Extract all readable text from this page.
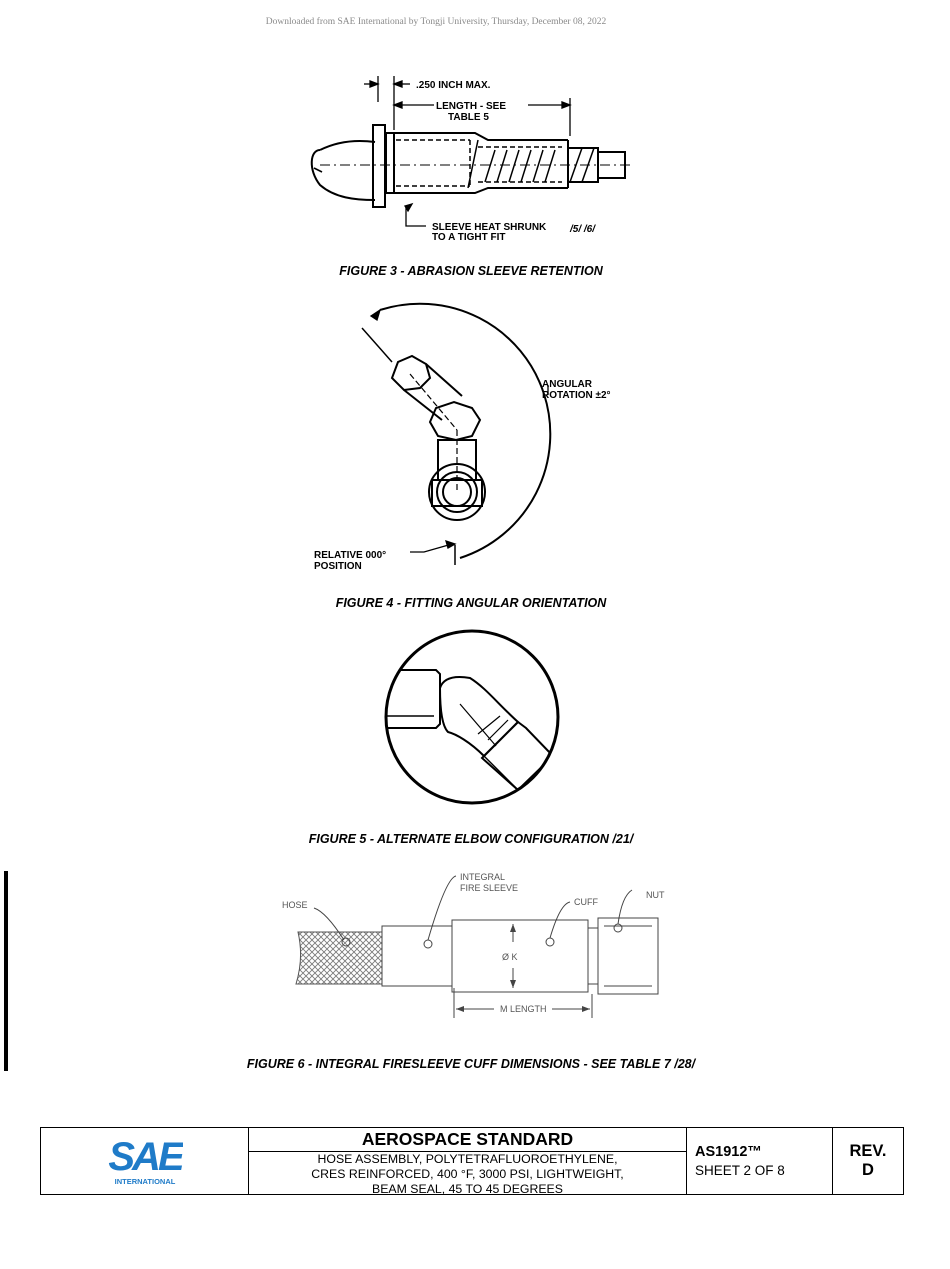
Downloaded from SAE International by Tongji University, Thursday, December 08, 2022
.250 INCH MAX.
LENGTH - SEE
TABLE 5
SLEEVE HEAT SHRUNK
TO A TIGHT FIT
/5/ /6/
FIGURE 3 - ABRASION SLEEVE RETENTION
ANGULAR
ROTATION ±2°
RELATIVE 000°
POSITION
FIGURE 4 - FITTING ANGULAR ORIENTATION
FIGURE 5 - ALTERNATE ELBOW CONFIGURATION /21/
HOSE
INTEGRAL
FIRE SLEEVE
CUFF
NUT
Ø K
M LENGTH
FIGURE 6 - INTEGRAL FIRESLEEVE CUFF DIMENSIONS - SEE TABLE 7 /28/
SAE
INTERNATIONAL
AEROSPACE STANDARD
HOSE ASSEMBLY, POLYTETRAFLUOROETHYLENE,
CRES REINFORCED, 400 °F, 3000 PSI, LIGHTWEIGHT,
BEAM SEAL, 45 TO 45 DEGREES
AS1912™
SHEET 2 OF 8
REV.
D
